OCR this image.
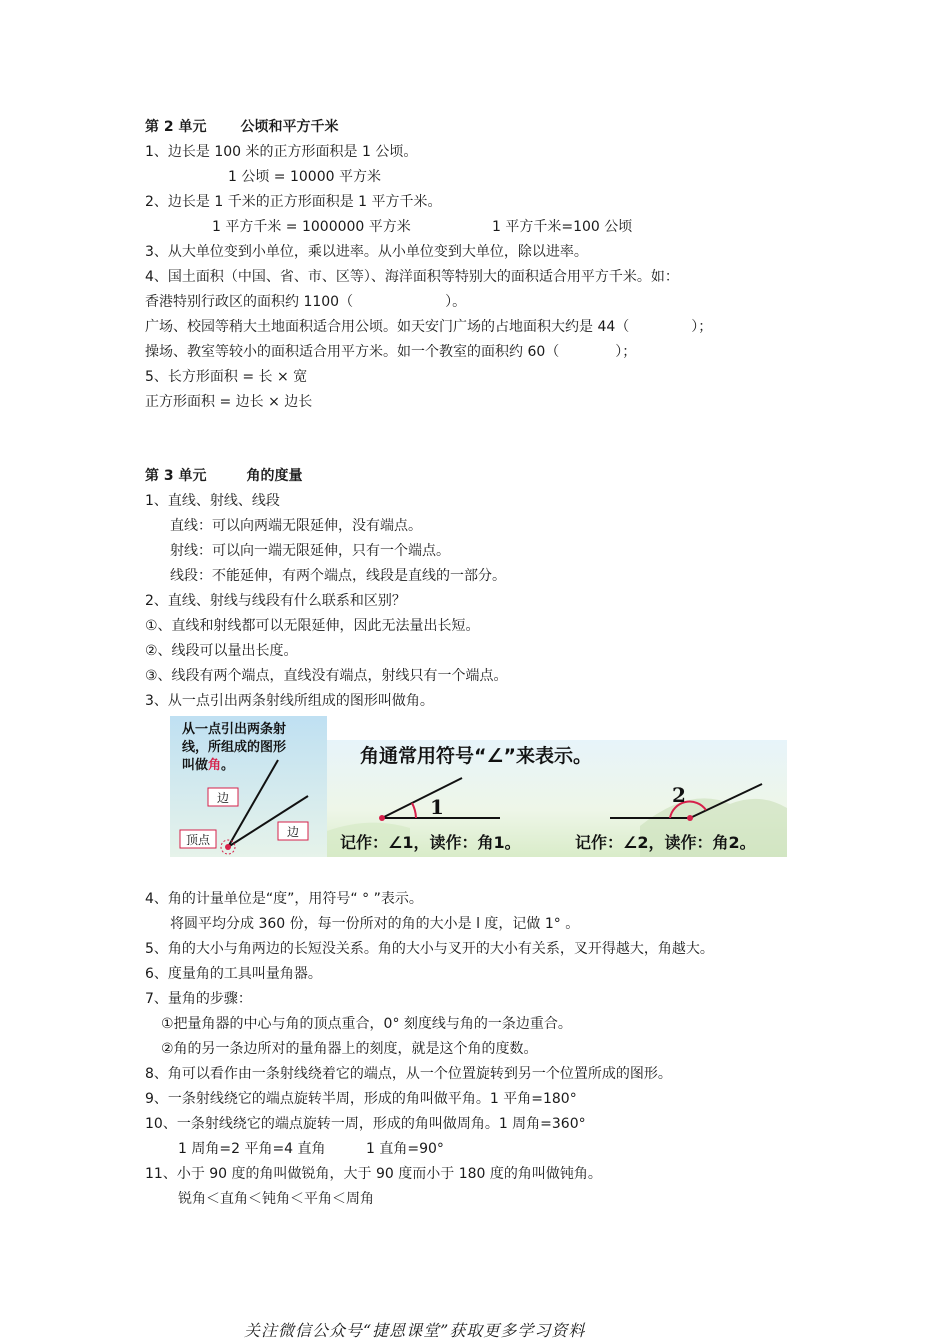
第 2 单元 公顷和平方千米
1、边长是 100 米的正方形面积是 1 公顷。
1 公顷 = 10000 平方米
2、边长是 1 千米的正方形面积是 1 平方千米。
1 平方千米 = 1000000 平方米	1 平方千米=100 公顷
3、从大单位变到小单位，乘以进率。从小单位变到大单位，除以进率。
4、国土面积（中国、省、市、区等）、海洋面积等特别大的面积适合用平方千米。如：
香港特别行政区的面积约 1100（	）。
广场、校园等稍大土地面积适合用公顷。如天安门广场的占地面积大约是 44（	）；
操场、教室等较小的面积适合用平方米。如一个教室的面积约 60（	）；
5、长方形面积 = 长 × 宽
正方形面积 = 边长 × 边长
第 3 单元	角的度量
1、直线、射线、线段
直线：可以向两端无限延伸，没有端点。
射线：可以向一端无限延伸，只有一个端点。
线段：不能延伸，有两个端点，线段是直线的一部分。
2、直线、射线与线段有什么联系和区别？
①、直线和射线都可以无限延伸，因此无法量出长短。
②、线段可以量出长度。
③、线段有两个端点，直线没有端点，射线只有一个端点。
3、从一点引出两条射线所组成的图形叫做角。
从一点引出两条射
线，所组成的图形
叫做角。
边
边
顶点
角通常用符号“∠”来表示。
1	2
记作：∠1，读作：角1。	记作：∠2，读作：角2。
4、角的计量单位是“度”，用符号“ ° ”表示。
将圆平均分成 360 份，每一份所对的角的大小是 l 度，记做 1° 。
5、角的大小与角两边的长短没关系。角的大小与叉开的大小有关系，叉开得越大，角越大。
6、度量角的工具叫量角器。
7、量角的步骤：
①把量角器的中心与角的顶点重合，0° 刻度线与角的一条边重合。
②角的另一条边所对的量角器上的刻度，就是这个角的度数。
8、角可以看作由一条射线绕着它的端点，从一个位置旋转到另一个位置所成的图形。
9、一条射线绕它的端点旋转半周，形成的角叫做平角。1 平角=180°
10、一条射线绕它的端点旋转一周，形成的角叫做周角。1 周角=360°
1 周角=2 平角=4 直角	1 直角=90°
11、小于 90 度的角叫做锐角，大于 90 度而小于 180 度的角叫做钝角。
锐角＜直角＜钝角＜平角＜周角
关注微信公众号“捷恩课堂”获取更多学习资料
